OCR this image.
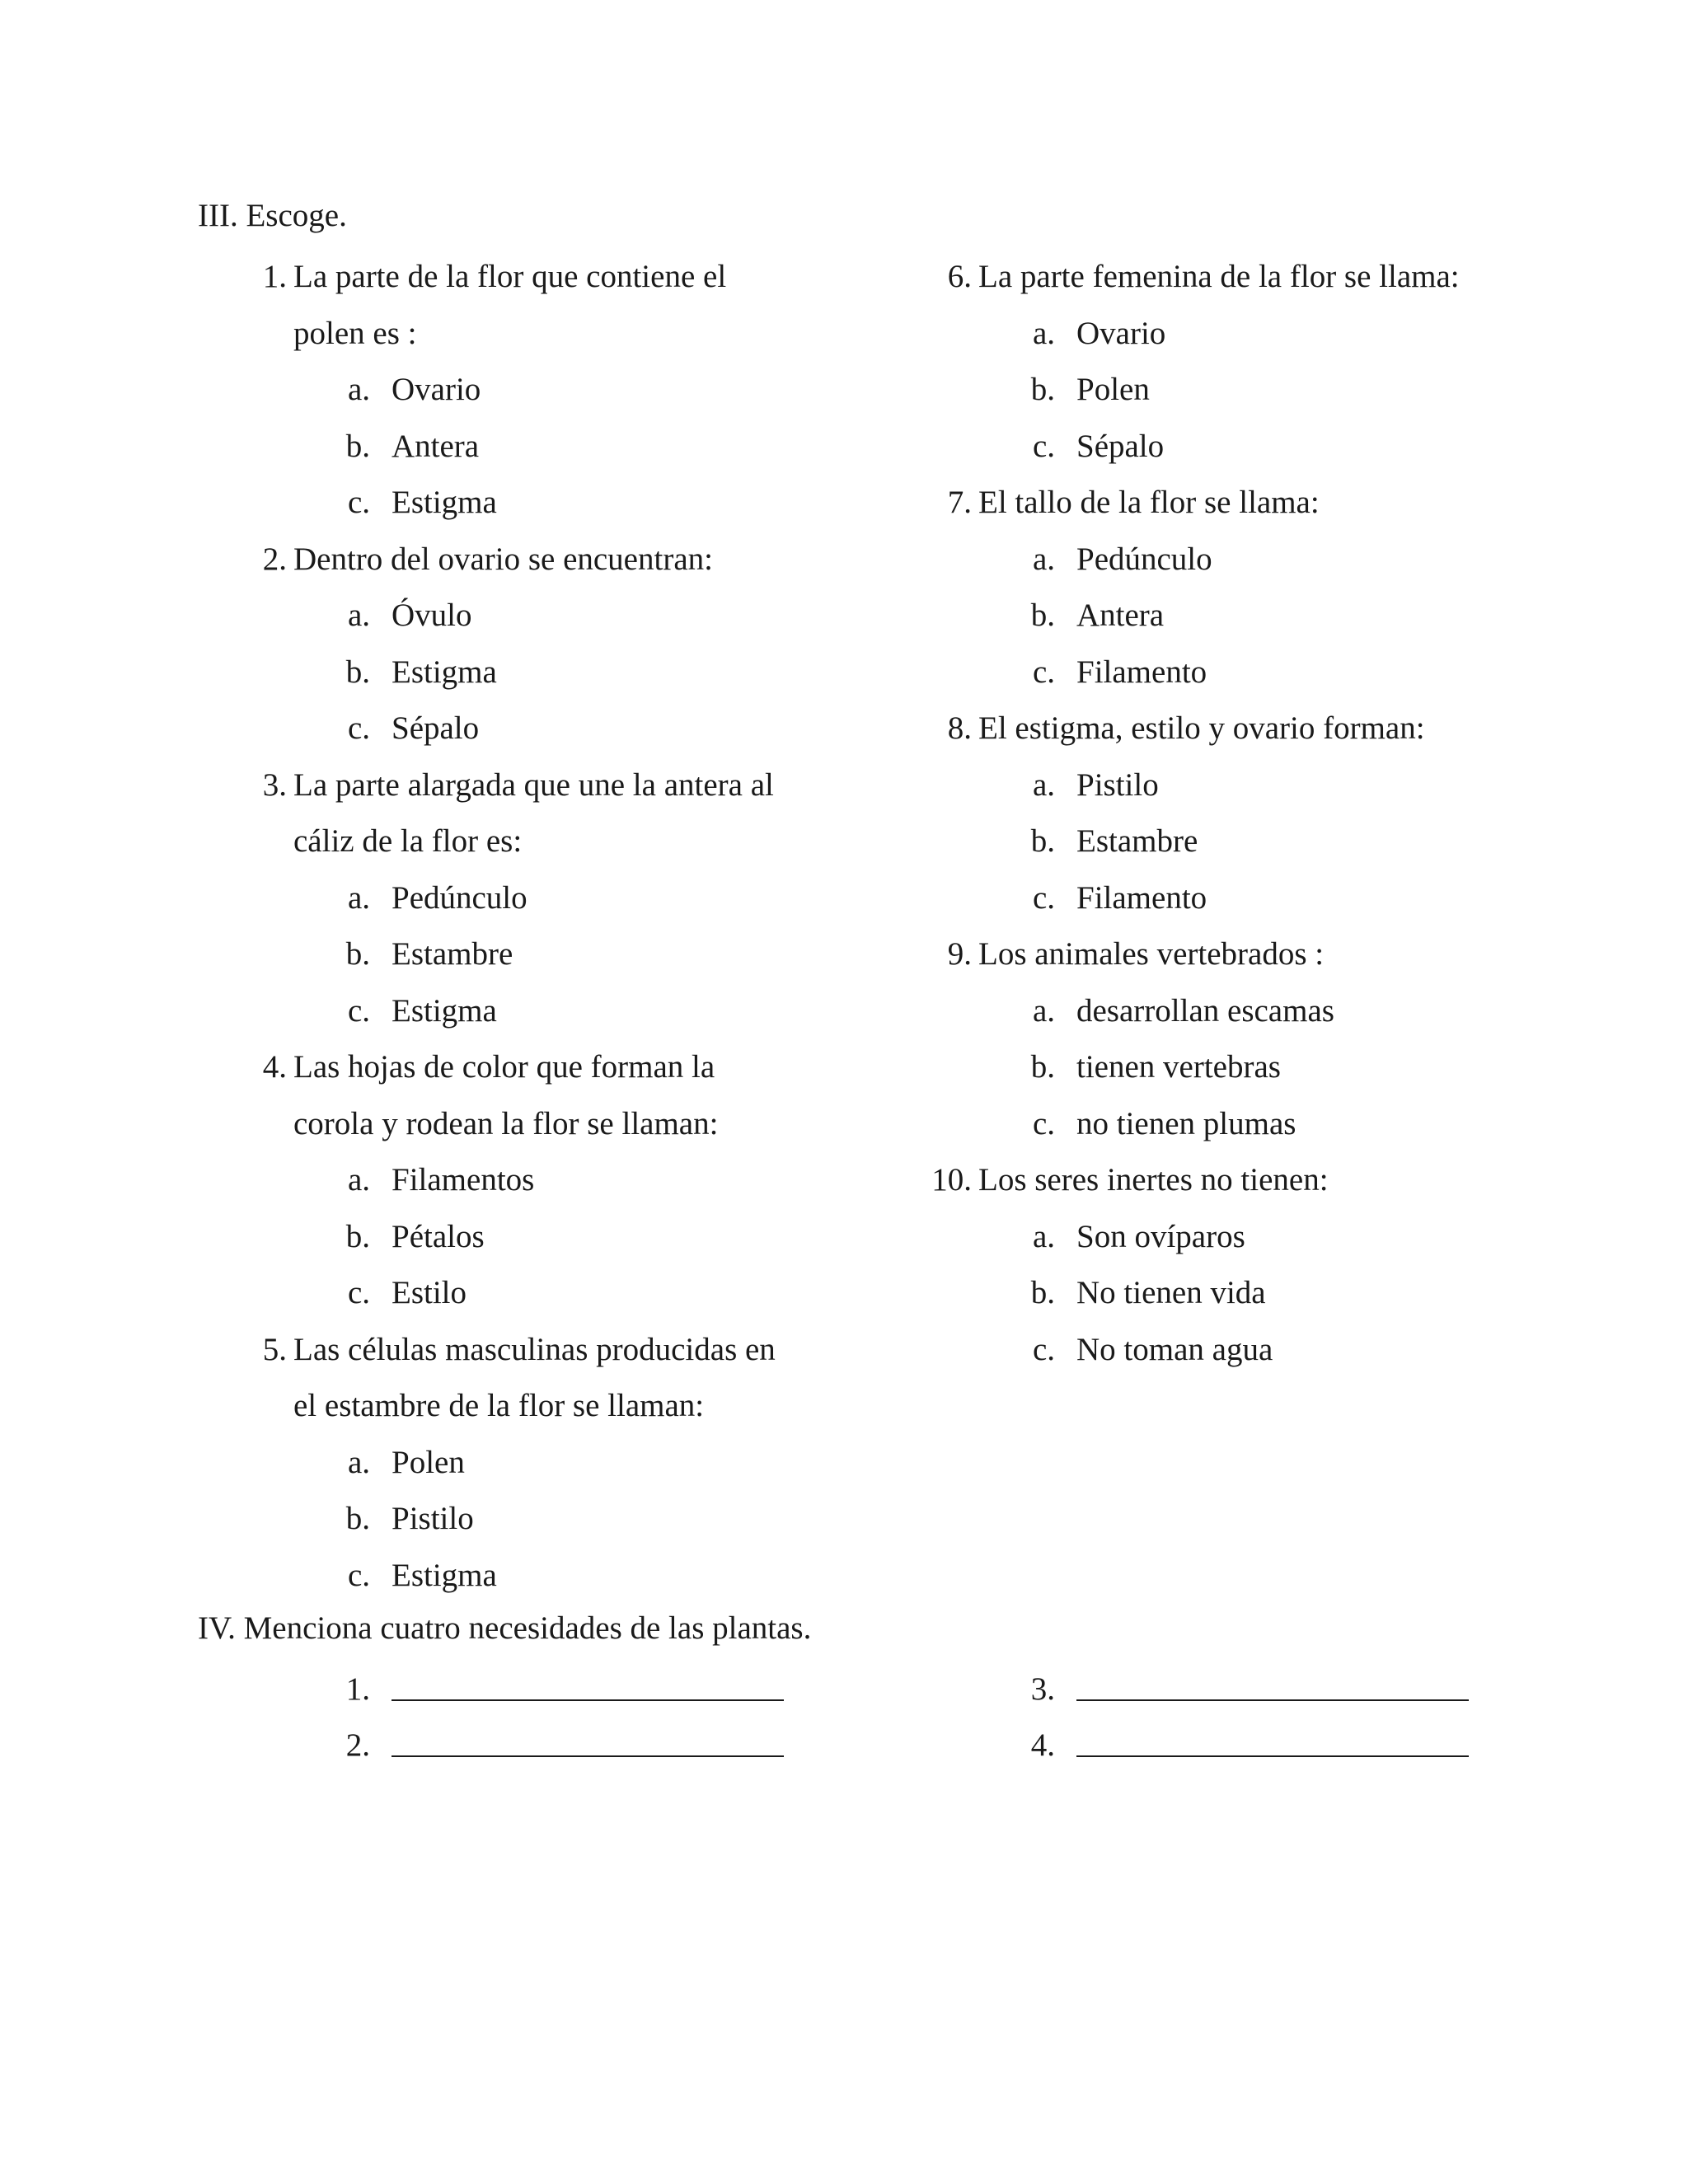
III. Escoge.
1. La parte de la flor que contiene el
polen es :
a. Ovario
b. Antera
c. Estigma
2. Dentro del ovario se encuentran:
a. Óvulo
b. Estigma
c. Sépalo
3. La parte alargada que une la antera al
cáliz de la flor es:
a. Pedúnculo
b. Estambre
c. Estigma
4. Las hojas de color que forman la
corola y rodean la flor se llaman:
a. Filamentos
b. Pétalos
c. Estilo
5. Las células masculinas producidas en
el estambre de la flor se llaman:
a. Polen
b. Pistilo
c. Estigma
6. La parte femenina de la flor se llama:
a. Ovario
b. Polen
c. Sépalo
7. El tallo de la flor se llama:
a. Pedúnculo
b. Antera
c. Filamento
8. El estigma, estilo y ovario forman:
a. Pistilo
b. Estambre
c. Filamento
9. Los animales vertebrados :
a. desarrollan escamas
b. tienen vertebras
c. no tienen plumas
10. Los seres inertes no tienen:
a. Son ovíparos
b. No tienen vida
c. No toman agua
IV. Menciona cuatro necesidades de las plantas.
1.
2.
3.
4.
